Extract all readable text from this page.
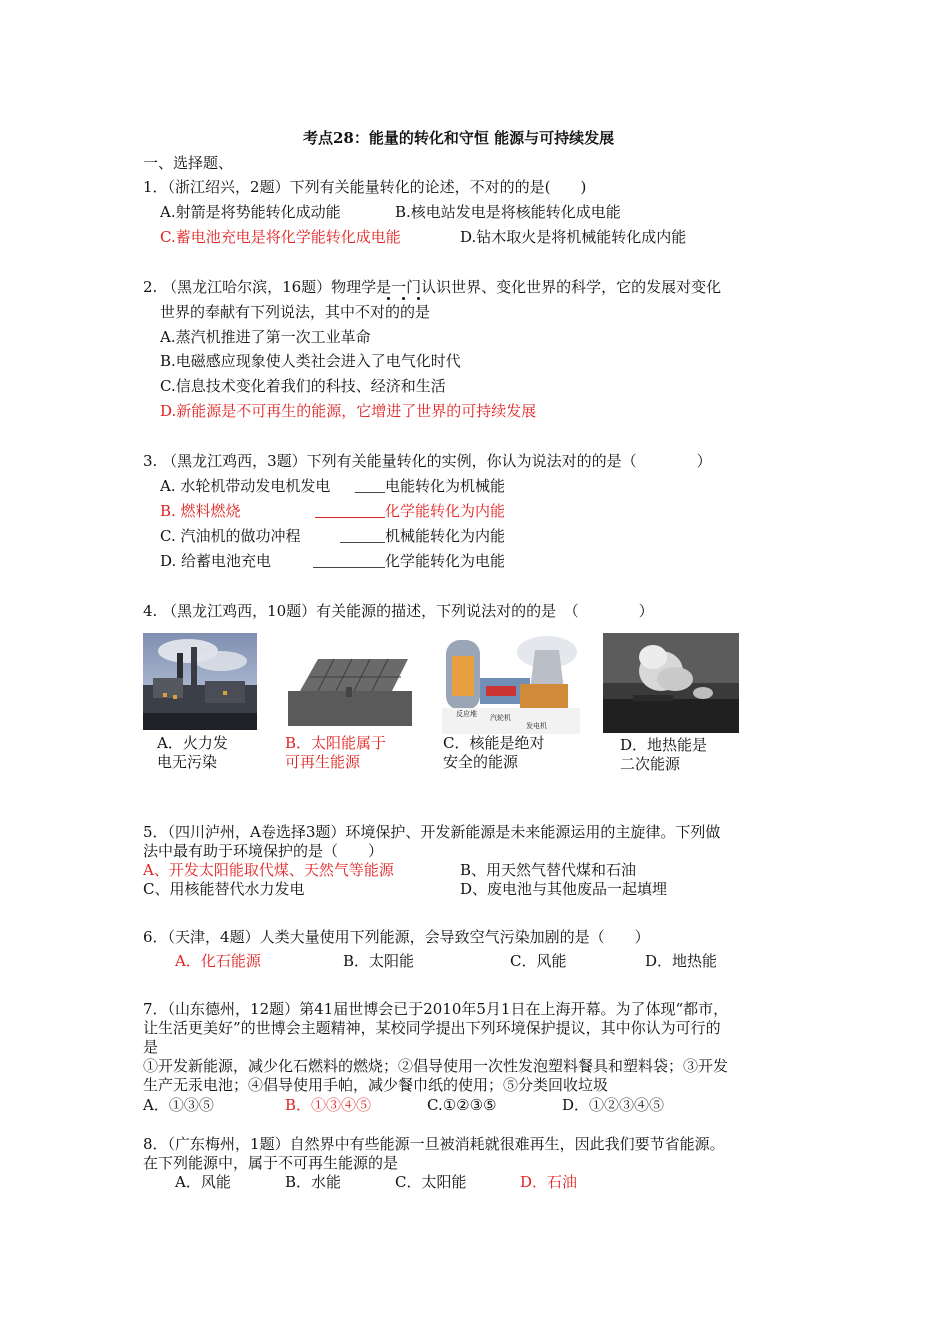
考点28：能量的转化和守恒 能源与可持续发展
一、选择题、
1．（浙江绍兴，2题）下列有关能量转化的论述，不对的的是(　　)
A.射箭是将势能转化成动能	B.核电站发电是将核能转化成电能
C.蓄电池充电是将化学能转化成电能	D.钻木取火是将机械能转化成内能
2. （黑龙江哈尔滨，16题）物理学是一门认识世界、变化世界的科学，它的发展对变化
世界的奉献有下列说法，其中不对的的是
A.蒸汽机推进了第一次工业革命
B.电磁感应现象使人类社会进入了电气化时代
C.信息技术变化着我们的科技、经济和生活
D.新能源是不可再生的能源，它增进了世界的可持续发展
3. （黑龙江鸡西，3题）下列有关能量转化的实例，你认为说法对的的是（　　　　）
A. 水轮机带动发电机发电	电能转化为机械能
B. 燃料燃烧	化学能转化为内能
C. 汽油机的做功冲程	机械能转化为内能
D. 给蓄电池充电	化学能转化为电能
4. （黑龙江鸡西，10题）有关能源的描述，下列说法对的的是　（　　　　）
反应堆 汽轮机
发电机
A．火力发
电无污染
B．太阳能属于
可再生能源
C．核能是绝对
安全的能源
D．地热能是
二次能源
5．（四川泸州，A卷选择3题）环境保护、开发新能源是未来能源运用的主旋律。下列做
法中最有助于环境保护的是（　　）
A、开发太阳能取代煤、天然气等能源	B、用天然气替代煤和石油
C、用核能替代水力发电	D、废电池与其他废品一起填埋
6．（天津，4题）人类大量使用下列能源，会导致空气污染加剧的是（　　）
A．化石能源	B．太阳能	C．风能	D．地热能
7．（山东德州，12题）第41届世博会已于2010年5月1日在上海开幕。为了体现“都市，
让生活更美好”的世博会主题精神，某校同学提出下列环境保护提议，其中你认为可行的
是
①开发新能源，减少化石燃料的燃烧；②倡导使用一次性发泡塑料餐具和塑料袋；③开发
生产无汞电池；④倡导使用手帕，减少餐巾纸的使用；⑤分类回收垃圾
A．①③⑤	B．①③④⑤	C.①②③⑤	D．①②③④⑤
8．（广东梅州，1题）自然界中有些能源一旦被消耗就很难再生，因此我们要节省能源。
在下列能源中，属于不可再生能源的是
A．风能	B．水能	C．太阳能	D．石油
